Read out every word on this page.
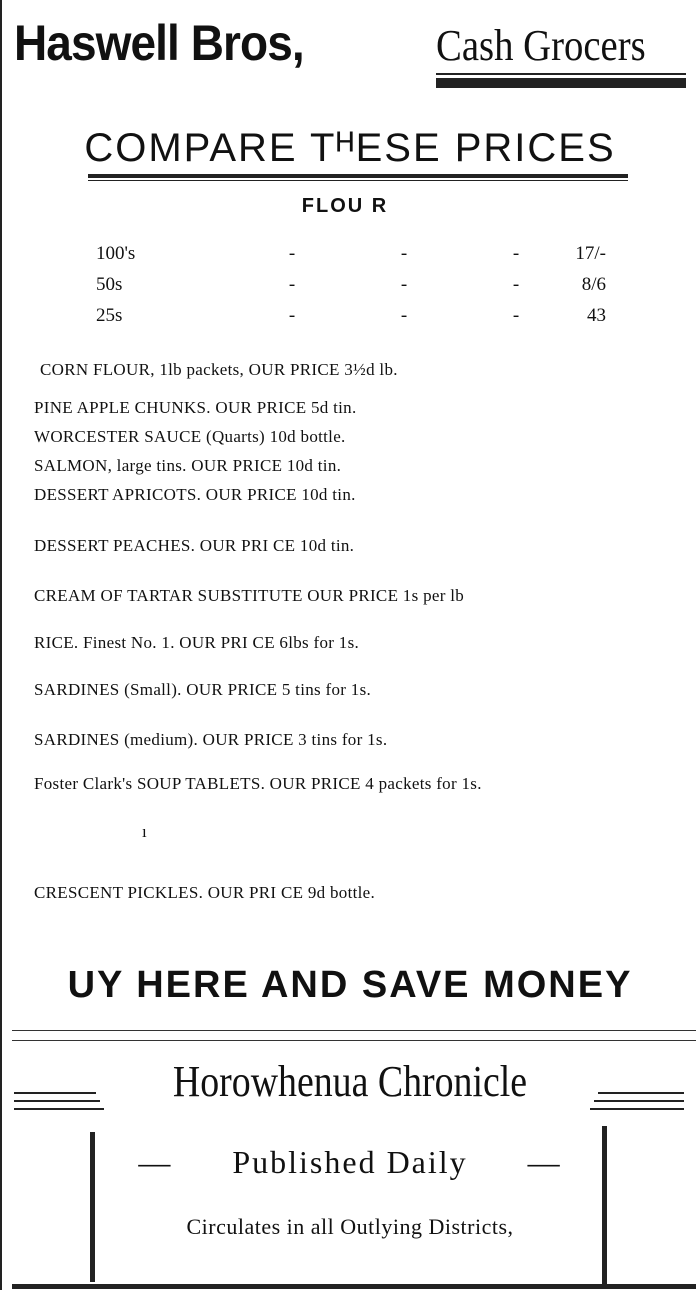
Haswell Bros,	Cash Grocers
COMPARE TᴴESE PRICES
FLOU R
100's	-	-	-	17/-
50s	-	-	-	8/6
25s	-	-	-	43
CORN FLOUR, 1lb packets, OUR PRICE 3½d lb.
PINE APPLE CHUNKS. OUR PRICE 5d tin.
WORCESTER SAUCE (Quarts) 10d bottle.
SALMON, large tins. OUR PRICE 10d tin.
DESSERT APRICOTS. OUR PRICE 10d tin.
DESSERT PEACHES. OUR PRI CE 10d tin.
CREAM OF TARTAR SUBSTITUTE OUR PRICE 1s per lb
RICE. Finest No. 1. OUR PRI CE 6lbs for 1s.
SARDINES (Small). OUR PRICE 5 tins for 1s.
SARDINES (medium). OUR PRICE 3 tins for 1s.
Foster Clark's SOUP TABLETS. OUR PRICE 4 packets for 1s.
ı
CRESCENT PICKLES. OUR PRI CE 9d bottle.
UY HERE AND SAVE MONEY
Horowhenua Chronicle
— Published Daily —
Circulates in all Outlying Districts,
